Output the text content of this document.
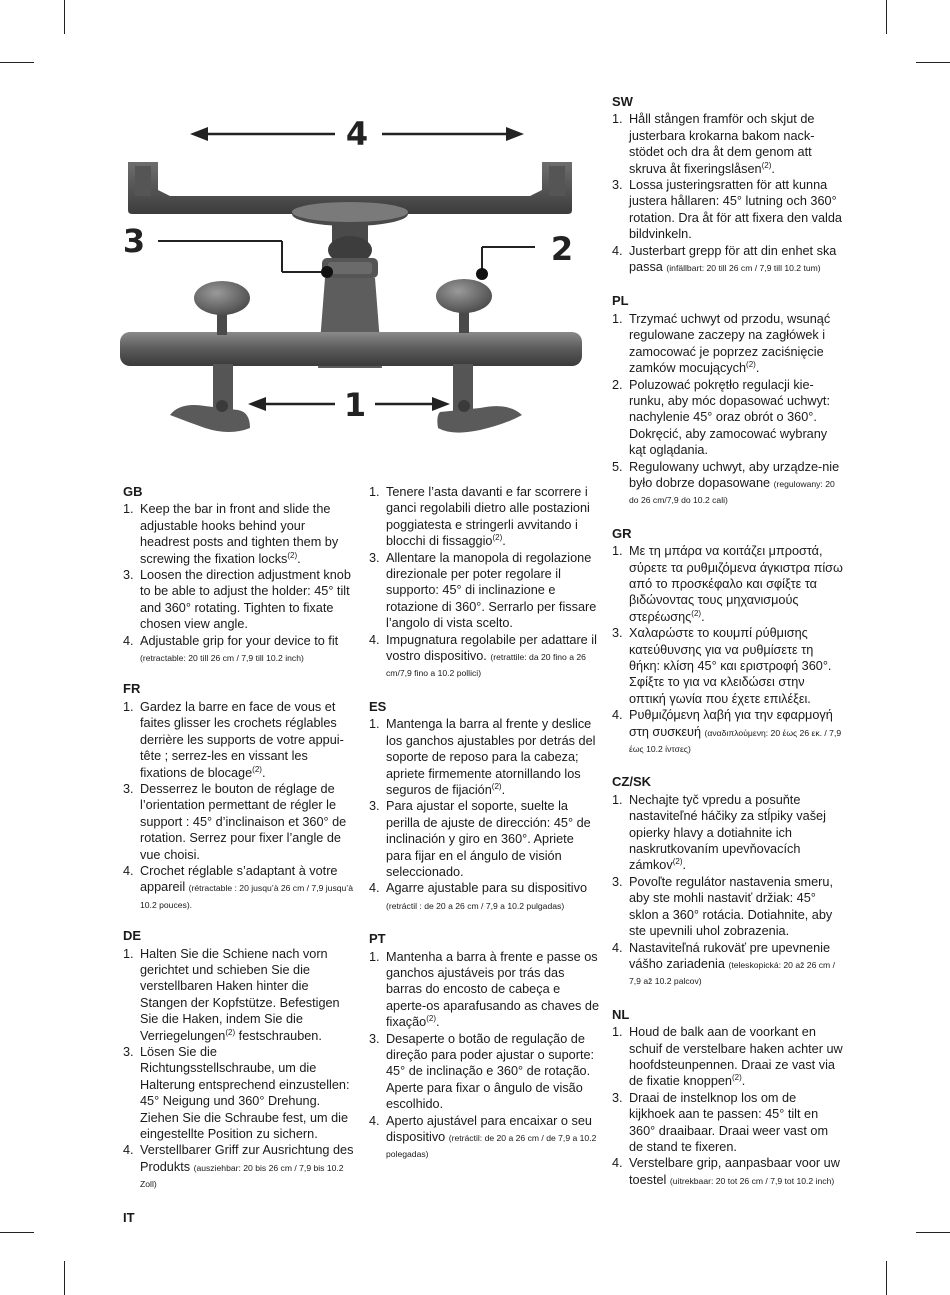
4
3	2
1
GB
1. Keep the bar in front and slide the adjustable hooks behind your headrest posts and tighten them by screwing the fixation locks$^{(2)}$.
3. Loosen the direction adjustment knob to be able to adjust the holder: 45° tilt and 360° rotating. Tighten to fixate chosen view angle.
4. Adjustable grip for your device to fit (retractable: 20 till 26 cm / 7,9 till 10.2 inch)
FR
1. Gardez la barre en face de vous et faites glisser les crochets réglables derrière les supports de votre appui-tête ; serrez-les en vissant les fixations de blocage$^{(2)}$.
3. Desserrez le bouton de réglage de l’orientation permettant de régler le support : 45° d’inclinaison et 360° de rotation. Serrez pour fixer l’angle de vue choisi.
4. Crochet réglable s’adaptant à votre appareil (rétractable : 20 jusqu’à 26 cm / 7,9 jusqu’à 10.2 pouces).
DE
1. Halten Sie die Schiene nach vorn gerichtet und schieben Sie die verstellbaren Haken hinter die Stangen der Kopfstütze. Befestigen Sie die Haken, indem Sie die Verriegelungen$^{(2)}$ festschrauben.
3. Lösen Sie die Richtungsstellschraube, um die Halterung entsprechend einzustellen: 45° Neigung und 360° Drehung. Ziehen Sie die Schraube fest, um die eingestellte Position zu sichern.
4. Verstellbarer Griff zur Ausrichtung des Produkts (ausziehbar: 20 bis 26 cm / 7,9 bis 10.2 Zoll)
IT
1. Tenere l’asta davanti e far scorrere i ganci regolabili dietro alle postazioni poggiatesta e stringerli avvitando i blocchi di fissaggio$^{(2)}$.
3. Allentare la manopola di regolazione direzionale per poter regolare il supporto: 45° di inclinazione e rotazione di 360°. Serrarlo per fissare l’angolo di vista scelto.
4. Impugnatura regolabile per adattare il vostro dispositivo. (retrattile: da 20 fino a 26 cm/7,9 fino a 10.2 pollici)
ES
1. Mantenga la barra al frente y deslice los ganchos ajustables por detrás del soporte de reposo para la cabeza; apriete firmemente atornillando los seguros de fijación$^{(2)}$.
3. Para ajustar el soporte, suelte la perilla de ajuste de dirección: 45° de inclinación y giro en 360°. Apriete para fijar en el ángulo de visión seleccionado.
4. Agarre ajustable para su dispositivo (retráctil : de 20 a 26 cm / 7,9 a 10.2 pulgadas)
PT
1. Mantenha a barra à frente e passe os ganchos ajustáveis por trás das barras do encosto de cabeça e aperte-os aparafusando as chaves de fixação$^{(2)}$.
3. Desaperte o botão de regulação de direção para poder ajustar o suporte: 45° de inclinação e 360° de rotação. Aperte para fixar o ângulo de visão escolhido.
4. Aperto ajustável para encaixar o seu dispositivo (retráctil: de 20 a 26 cm / de 7,9 a 10.2 polegadas)
SW
1. Håll stången framför och skjut de justerbara krokarna bakom nack-stödet och dra åt dem genom att skruva åt fixeringslåsen$^{(2)}$.
3. Lossa justeringsratten för att kunna justera hållaren: 45° lutning och 360° rotation. Dra åt för att fixera den valda bildvinkeln.
4. Justerbart grepp för att din enhet ska passa (infällbart: 20 till 26 cm / 7,9 till 10.2 tum)
PL
1. Trzymać uchwyt od przodu, wsunąć regulowane zaczepy na zagłówek i zamocować je poprzez zaciśnięcie zamków mocujących$^{(2)}$.
2. Poluzować pokrętło regulacji kie-runku, aby móc dopasować uchwyt: nachylenie 45° oraz obrót o 360°. Dokręcić, aby zamocować wybrany kąt oglądania.
5. Regulowany uchwyt, aby urządze-nie było dobrze dopasowane (regulowany: 20 do 26 cm/7,9 do 10.2 cali)
GR
1. Με τη μπάρα να κοιτάζει μπροστά, σύρετε τα ρυθμιζόμενα άγκιστρα πίσω από το προσκέφαλο και σφίξτε τα βιδώνοντας τους μηχανισμούς στερέωσης$^{(2)}$.
3. Χαλαρώστε το κουμπί ρύθμισης κατεύθυνσης για να ρυθμίσετε τη θήκη: κλίση 45° και εριστροφή 360°. Σφίξτε το για να κλειδώσει στην οπτική γωνία που έχετε επιλέξει.
4. Ρυθμιζόμενη λαβή για την εφαρμογή στη συσκευή (αναδιπλούμενη: 20 έως 26 εκ. / 7,9 έως 10.2 ίντσες)
CZ/SK
1. Nechajte tyč vpredu a posuňte nastaviteľné háčiky za stĺpiky vašej opierky hlavy a dotiahnite ich naskrutkovaním upevňovacích zámkov$^{(2)}$.
3. Povoľte regulátor nastavenia smeru, aby ste mohli nastaviť držiak: 45° sklon a 360° rotácia. Dotiahnite, aby ste upevnili uhol zobrazenia.
4. Nastaviteľná rukoväť pre upevnenie vášho zariadenia (teleskopická: 20 až 26 cm / 7,9 až 10.2 palcov)
NL
1. Houd de balk aan de voorkant en schuif de verstelbare haken achter uw hoofdsteunpennen. Draai ze vast via de fixatie knoppen$^{(2)}$.
3. Draai de instelknop los om de kijkhoek aan te passen: 45° tilt en 360° draaibaar. Draai weer vast om de stand te fixeren.
4. Verstelbare grip, aanpasbaar voor uw toestel (uitrekbaar: 20 tot 26 cm / 7,9 tot 10.2 inch)
